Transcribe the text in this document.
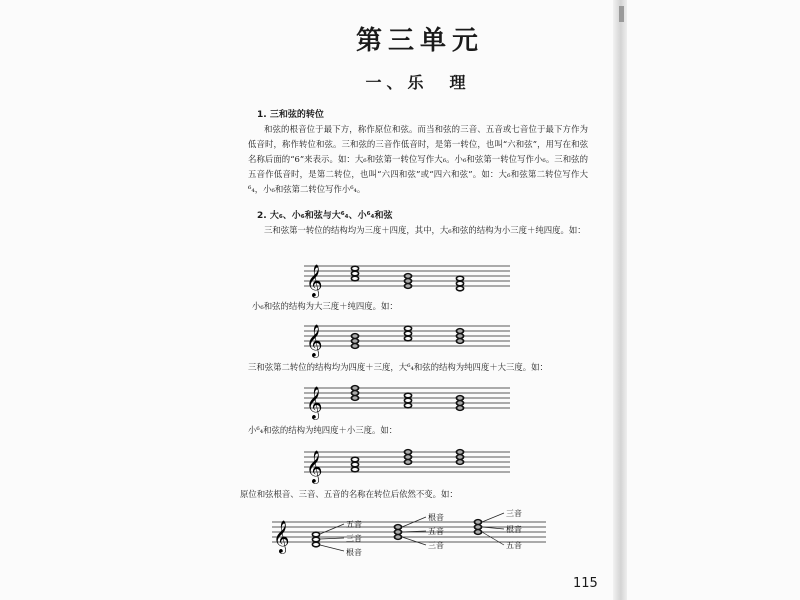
第三单元
一、乐　理
1. 三和弦的转位
和弦的根音位于最下方，称作原位和弦。而当和弦的三音、五音或七音位于最下方作为低音时，称作转位和弦。三和弦的三音作低音时，是第一转位，也叫“六和弦”，用写在和弦名称后面的“6”来表示。如：大₆和弦第一转位写作大₆。小₆和弦第一转位写作小₆。三和弦的五音作低音时，是第二转位，也叫“六四和弦”或“四六和弦”。如：大₆和弦第二转位写作大⁶₄，小₆和弦第二转位写作小⁶₄。
2. 大₆、小₆和弦与大⁶₄、小⁶₄和弦
三和弦第一转位的结构均为三度＋四度，其中，大₆和弦的结构为小三度＋纯四度。如：
𝄞
小₆和弦的结构为大三度＋纯四度。如：
𝄞
三和弦第二转位的结构均为四度＋三度，大⁶₄和弦的结构为纯四度＋大三度。如：
𝄞
小⁶₄和弦的结构为纯四度＋小三度。如：
𝄞
原位和弦根音、三音、五音的名称在转位后依然不变。如：
𝄞	五音
三音
根音
根音
五音
三音
三音
根音
五音
115
